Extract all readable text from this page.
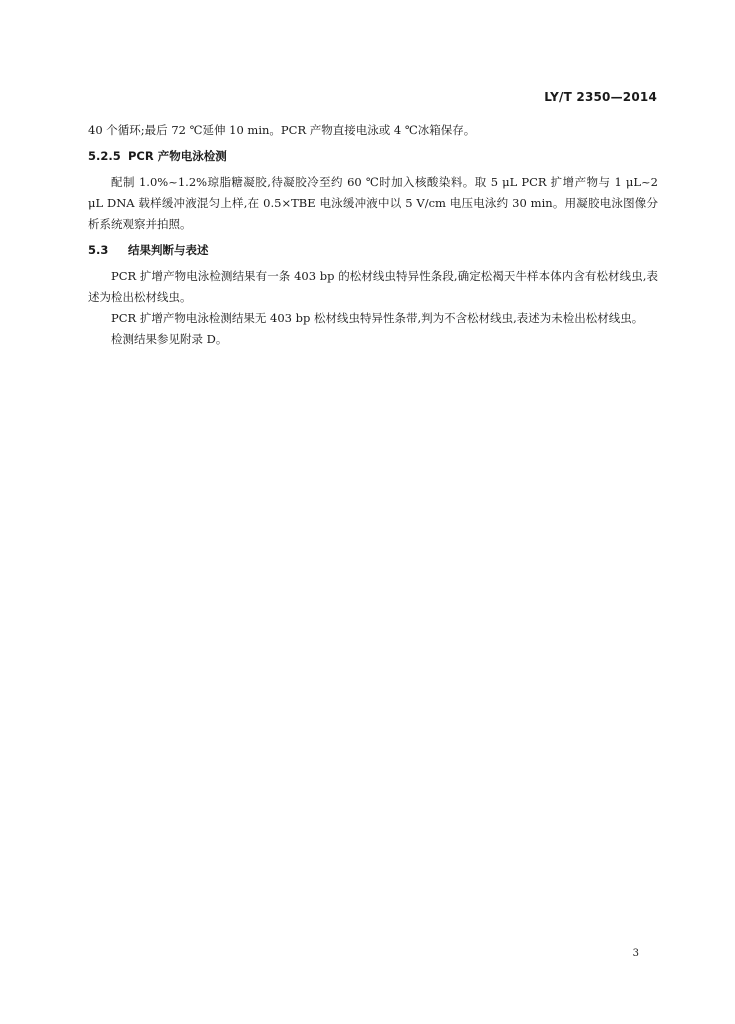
LY/T 2350—2014

40 个循环;最后 72 ℃延伸 10 min。PCR 产物直接电泳或 4 ℃冰箱保存。

5.2.5 PCR 产物电泳检测

配制 1.0%~1.2%琼脂糖凝胶,待凝胶冷至约 60 ℃时加入核酸染料。取 5 μL PCR 扩增产物与 1 μL~2 μL DNA 载样缓冲液混匀上样,在 0.5×TBE 电泳缓冲液中以 5 V/cm 电压电泳约 30 min。用凝胶电泳图像分析系统观察并拍照。

5.3 结果判断与表述

PCR 扩增产物电泳检测结果有一条 403 bp 的松材线虫特异性条段,确定松褐天牛样本体内含有松材线虫,表述为检出松材线虫。

PCR 扩增产物电泳检测结果无 403 bp 松材线虫特异性条带,判为不含松材线虫,表述为未检出松材线虫。

检测结果参见附录 D。

3
